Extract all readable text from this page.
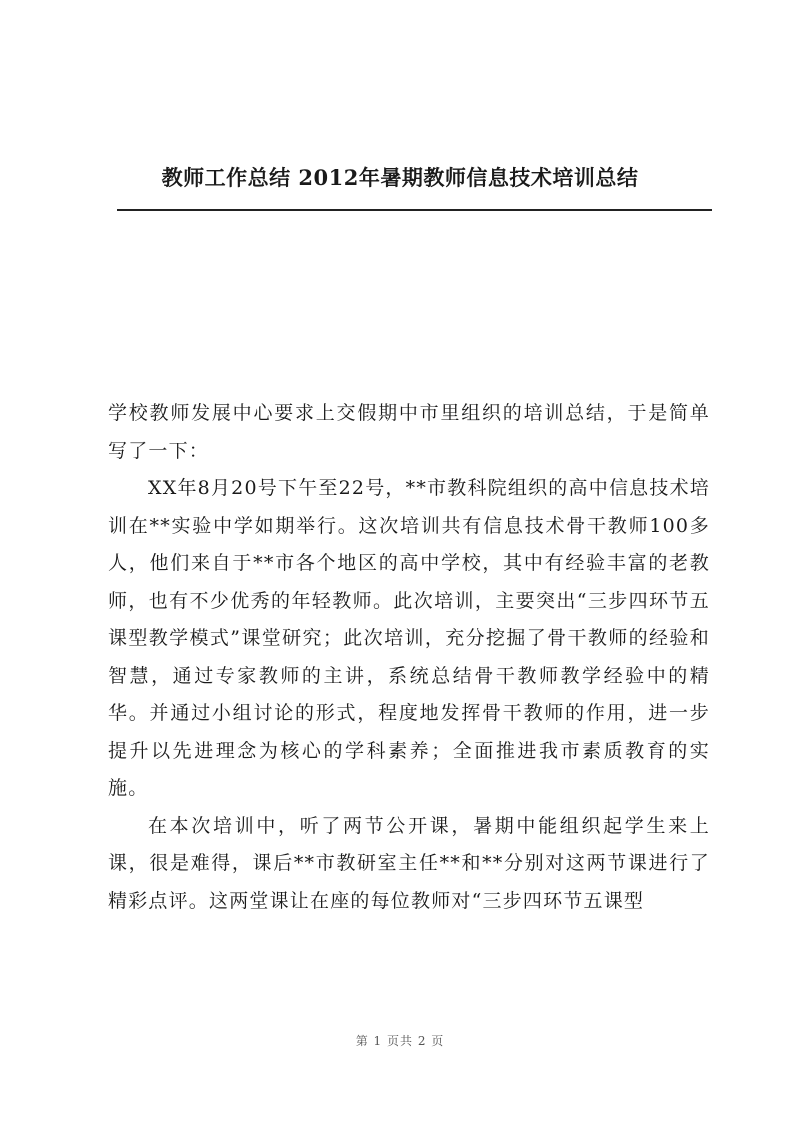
教师工作总结 2012年暑期教师信息技术培训总结

学校教师发展中心要求上交假期中市里组织的培训总结，于是简单写了一下：

XX年8月20号下午至22号，**市教科院组织的高中信息技术培训在**实验中学如期举行。这次培训共有信息技术骨干教师100多人，他们来自于**市各个地区的高中学校，其中有经验丰富的老教师，也有不少优秀的年轻教师。此次培训，主要突出“三步四环节五课型教学模式”课堂研究；此次培训，充分挖掘了骨干教师的经验和智慧，通过专家教师的主讲，系统总结骨干教师教学经验中的精华。并通过小组讨论的形式，程度地发挥骨干教师的作用，进一步提升以先进理念为核心的学科素养；全面推进我市素质教育的实施。

在本次培训中，听了两节公开课，暑期中能组织起学生来上课，很是难得，课后**市教研室主任**和**分别对这两节课进行了精彩点评。这两堂课让在座的每位教师对“三步四环节五课型

第 1 页共 2 页
